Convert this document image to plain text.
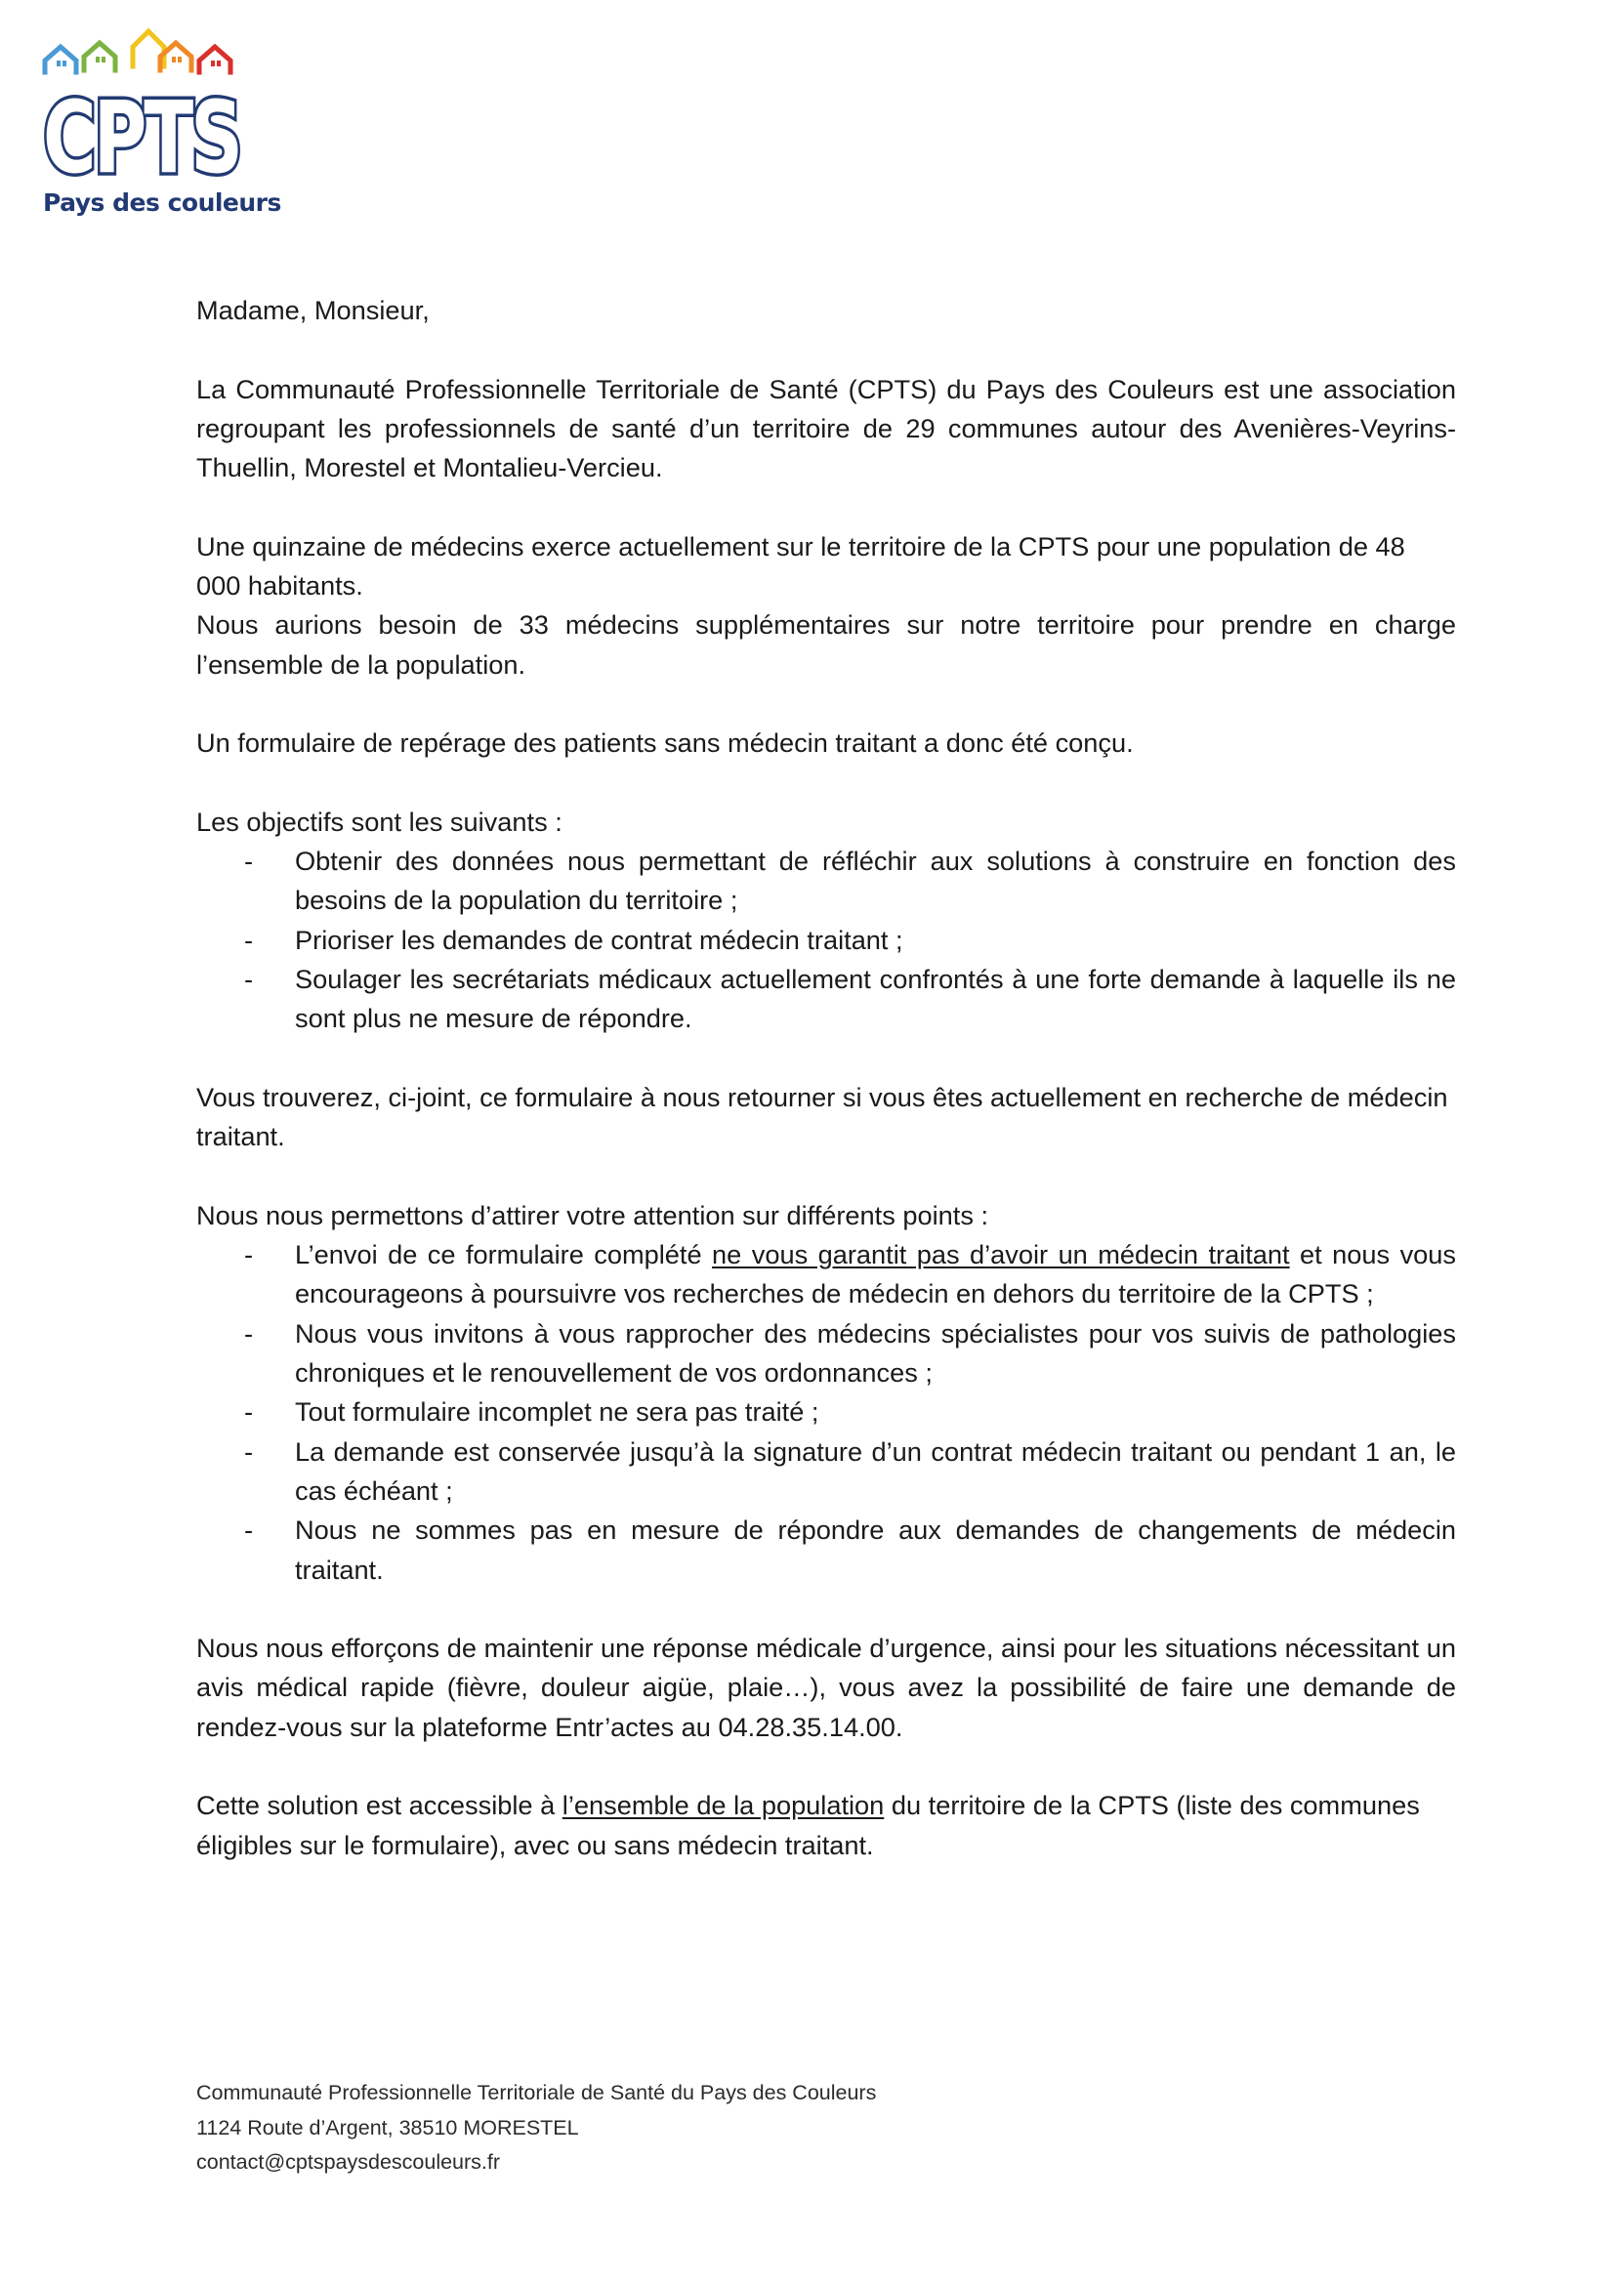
CPTS
Pays des couleurs

Madame, Monsieur,

La Communauté Professionnelle Territoriale de Santé (CPTS) du Pays des Couleurs est une association regroupant les professionnels de santé d’un territoire de 29 communes autour des Avenières-Veyrins-Thuellin, Morestel et Montalieu-Vercieu.

Une quinzaine de médecins exerce actuellement sur le territoire de la CPTS pour une population de 48 000 habitants.

Nous aurions besoin de 33 médecins supplémentaires sur notre territoire pour prendre en charge l’ensemble de la population.

Un formulaire de repérage des patients sans médecin traitant a donc été conçu.

Les objectifs sont les suivants :

- Obtenir des données nous permettant de réfléchir aux solutions à construire en fonction des besoins de la population du territoire ;
- Prioriser les demandes de contrat médecin traitant ;
- Soulager les secrétariats médicaux actuellement confrontés à une forte demande à laquelle ils ne sont plus ne mesure de répondre.

Vous trouverez, ci-joint, ce formulaire à nous retourner si vous êtes actuellement en recherche de médecin traitant.

Nous nous permettons d’attirer votre attention sur différents points :

- L’envoi de ce formulaire complété ne vous garantit pas d’avoir un médecin traitant et nous vous encourageons à poursuivre vos recherches de médecin en dehors du territoire de la CPTS ;
- Nous vous invitons à vous rapprocher des médecins spécialistes pour vos suivis de pathologies chroniques et le renouvellement de vos ordonnances ;
- Tout formulaire incomplet ne sera pas traité ;
- La demande est conservée jusqu’à la signature d’un contrat médecin traitant ou pendant 1 an, le cas échéant ;
- Nous ne sommes pas en mesure de répondre aux demandes de changements de médecin traitant.

Nous nous efforçons de maintenir une réponse médicale d’urgence, ainsi pour les situations nécessitant un avis médical rapide (fièvre, douleur aigüe, plaie…), vous avez la possibilité de faire une demande de rendez-vous sur la plateforme Entr’actes au 04.28.35.14.00.

Cette solution est accessible à l’ensemble de la population du territoire de la CPTS (liste des communes éligibles sur le formulaire), avec ou sans médecin traitant.

Communauté Professionnelle Territoriale de Santé du Pays des Couleurs
1124 Route d’Argent, 38510 MORESTEL
contact@cptspaysdescouleurs.fr
